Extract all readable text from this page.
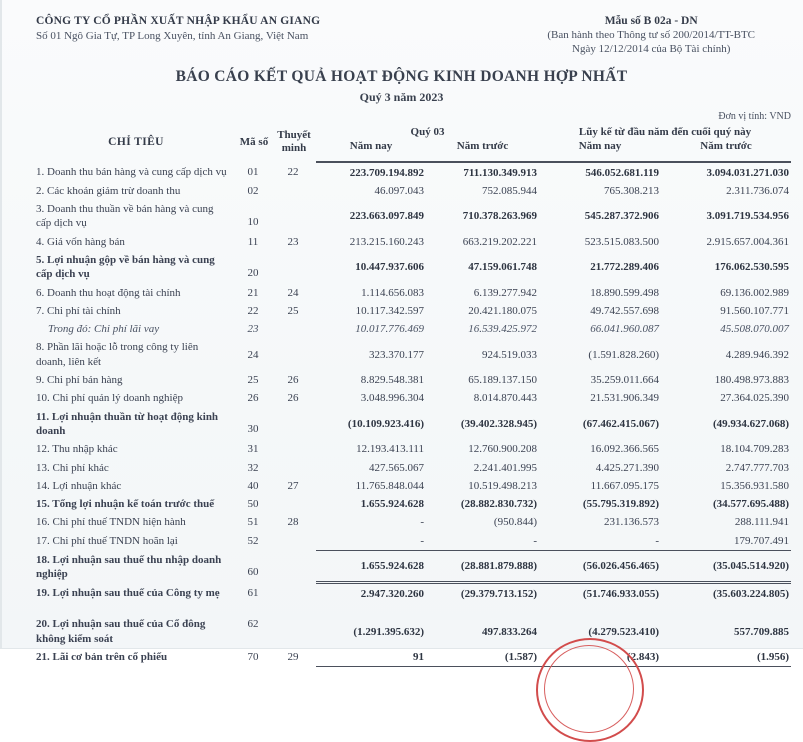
CÔNG TY CỔ PHẦN XUẤT NHẬP KHẨU AN GIANG
Số 01 Ngô Gia Tự, TP Long Xuyên, tỉnh An Giang, Việt Nam
Mẫu số B 02a - DN
(Ban hành theo Thông tư số 200/2014/TT-BTC
Ngày 12/12/2014 của Bộ Tài chính)
BÁO CÁO KẾT QUẢ HOẠT ĐỘNG KINH DOANH HỢP NHẤT
Quý 3 năm 2023
Đơn vị tính: VND
CHỈ TIÊU	Mã số	Thuyết minh	Quý 03		Lũy kế từ đầu năm đến cuối quý này	
			Năm nay	Năm trước	Năm nay	Năm trước
1. Doanh thu bán hàng và cung cấp dịch vụ	01	22	223.709.194.892	711.130.349.913	546.052.681.119	3.094.031.271.030
2. Các khoản giảm trừ doanh thu	02		46.097.043	752.085.944	765.308.213	2.311.736.074
3. Doanh thu thuần về bán hàng và cung cấp dịch vụ	10		223.663.097.849	710.378.263.969	545.287.372.906	3.091.719.534.956
4. Giá vốn hàng bán	11	23	213.215.160.243	663.219.202.221	523.515.083.500	2.915.657.004.361
5. Lợi nhuận gộp về bán hàng và cung cấp dịch vụ	20		10.447.937.606	47.159.061.748	21.772.289.406	176.062.530.595
6. Doanh thu hoạt động tài chính	21	24	1.114.656.083	6.139.277.942	18.890.599.498	69.136.002.989
7. Chi phí tài chính	22	25	10.117.342.597	20.421.180.075	49.742.557.698	91.560.107.771
Trong đó: Chi phí lãi vay	23		10.017.776.469	16.539.425.972	66.041.960.087	45.508.070.007
8. Phần lãi hoặc lỗ trong công ty liên doanh, liên kết	24		323.370.177	924.519.033	(1.591.828.260)	4.289.946.392
9. Chi phí bán hàng	25	26	8.829.548.381	65.189.137.150	35.259.011.664	180.498.973.883
10. Chi phí quản lý doanh nghiệp	26	26	3.048.996.304	8.014.870.443	21.531.906.349	27.364.025.390
11. Lợi nhuận thuần từ hoạt động kinh doanh	30		(10.109.923.416)	(39.402.328.945)	(67.462.415.067)	(49.934.627.068)
12. Thu nhập khác	31		12.193.413.111	12.760.900.208	16.092.366.565	18.104.709.283
13. Chi phí khác	32		427.565.067	2.241.401.995	4.425.271.390	2.747.777.703
14. Lợi nhuận khác	40	27	11.765.848.044	10.519.498.213	11.667.095.175	15.356.931.580
15. Tổng lợi nhuận kế toán trước thuế	50		1.655.924.628	(28.882.830.732)	(55.795.319.892)	(34.577.695.488)
16. Chi phí thuế TNDN hiện hành	51	28	-	(950.844)	231.136.573	288.111.941
17. Chi phí thuế TNDN hoãn lại	52		-	-	-	179.707.491
18. Lợi nhuận sau thuế thu nhập doanh nghiệp	60		1.655.924.628	(28.881.879.888)	(56.026.456.465)	(35.045.514.920)
19. Lợi nhuận sau thuế của Công ty mẹ	61		2.947.320.260	(29.379.713.152)	(51.746.933.055)	(35.603.224.805)
20. Lợi nhuận sau thuế của Cổ đông không kiểm soát	62		(1.291.395.632)	497.833.264	(4.279.523.410)	557.709.885
21. Lãi cơ bản trên cổ phiếu	70	29	91	(1.587)	(2.843)	(1.956)
